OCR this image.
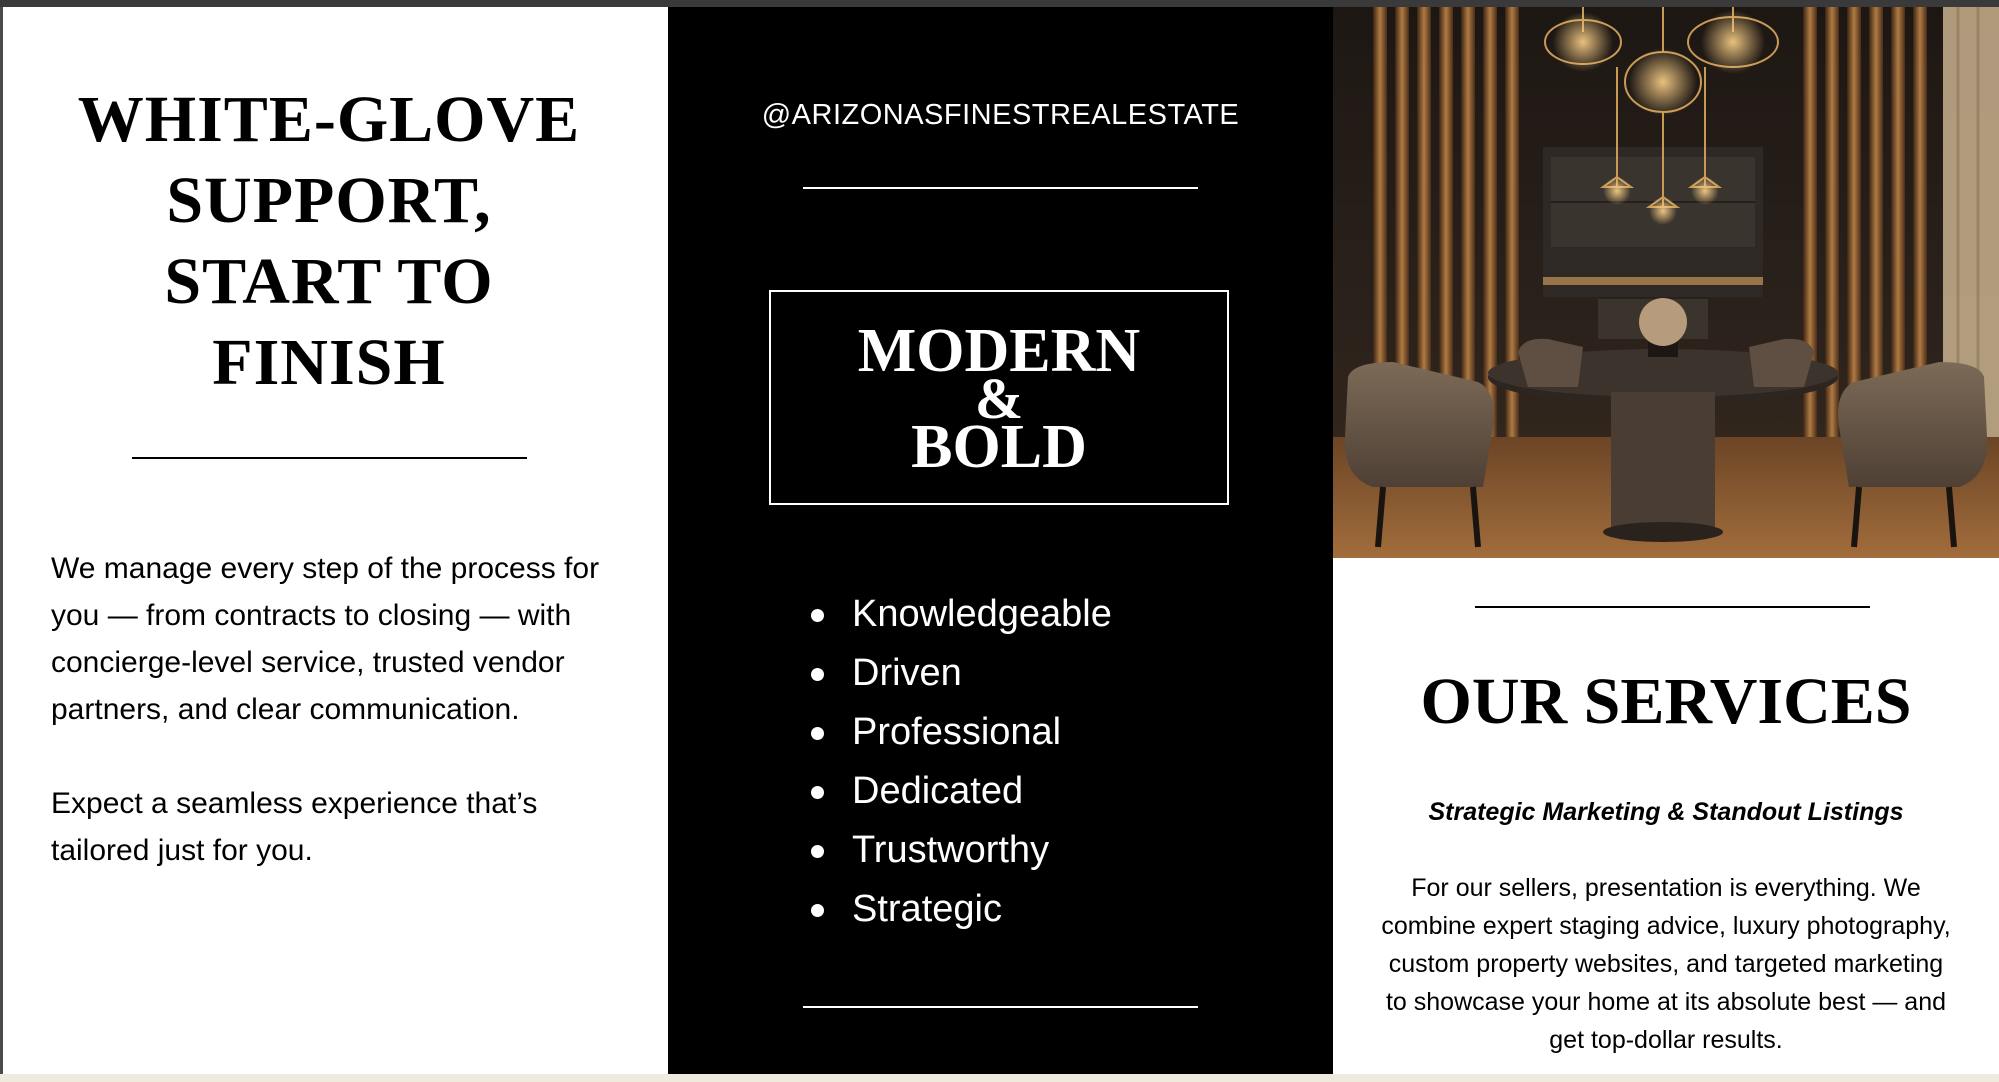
WHITE-GLOVE
SUPPORT,
START TO
FINISH

We manage every step of the process for you — from contracts to closing — with concierge-level service, trusted vendor partners, and clear communication.

Expect a seamless experience that’s tailored just for you.

@ARIZONASFINESTREALESTATE
MODERN
&
BOLD
Knowledgeable
Driven
Professional
Dedicated
Trustworthy
Strategic
OUR SERVICES
Strategic Marketing & Standout Listings
For our sellers, presentation is everything. We combine expert staging advice, luxury photography, custom property websites, and targeted marketing to showcase your home at its absolute best — and get top-dollar results.
